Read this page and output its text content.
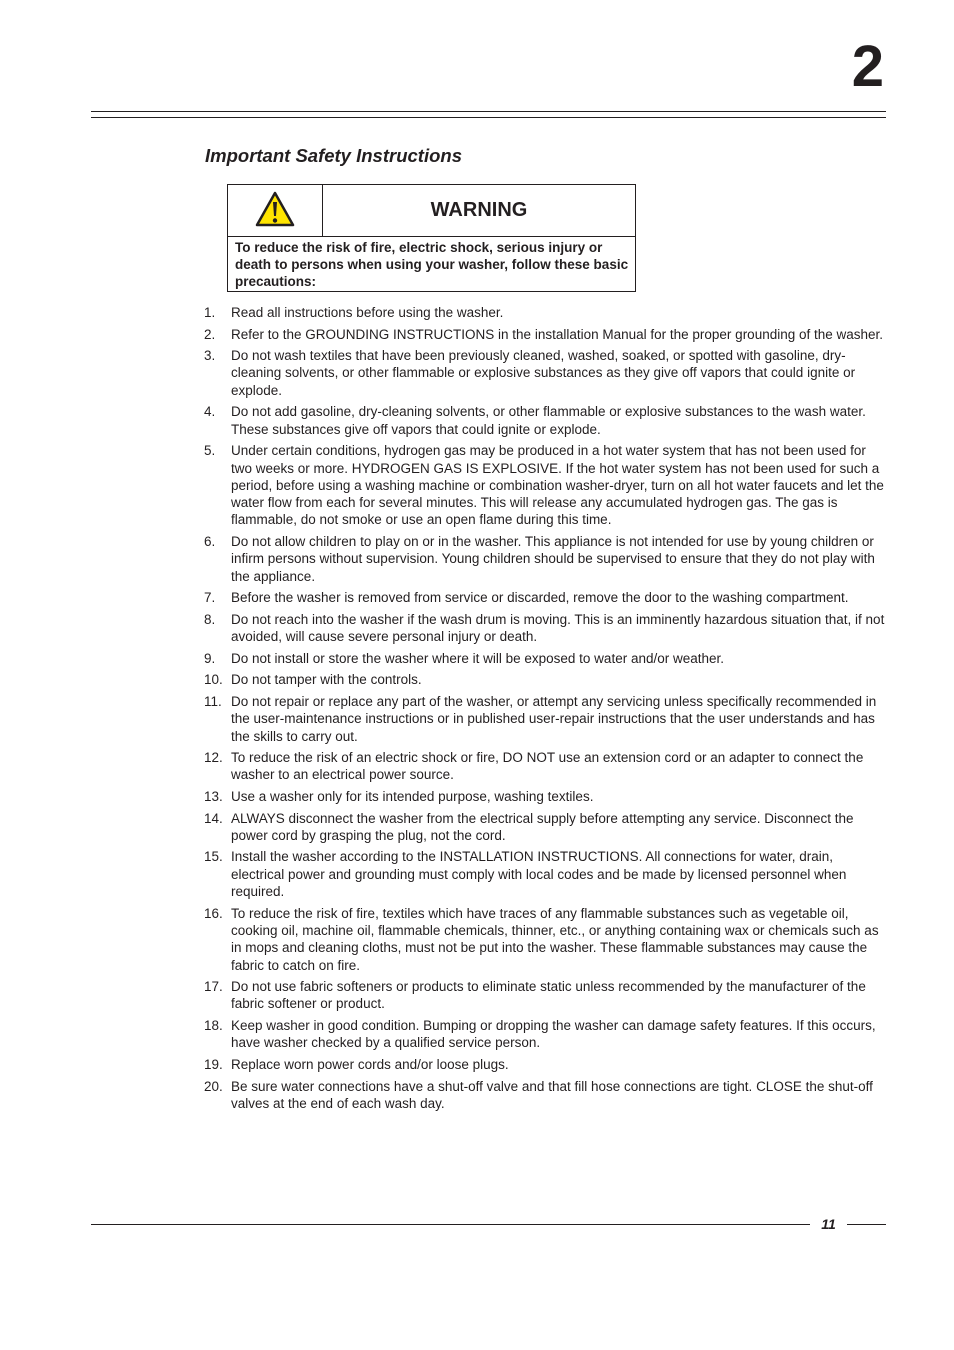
2
Important Safety Instructions
WARNING
To reduce the risk of fire, electric shock, serious injury or death to persons when using your washer, follow these basic precautions:
1. Read all instructions before using the washer.
2. Refer to the GROUNDING INSTRUCTIONS in the installation Manual for the proper grounding of the washer.
3. Do not wash textiles that have been previously cleaned, washed, soaked, or spotted with gasoline, dry-cleaning solvents, or other flammable or explosive substances as they give off vapors that could ignite or explode.
4. Do not add gasoline, dry-cleaning solvents, or other flammable or explosive substances to the wash water. These substances give off vapors that could ignite or explode.
5. Under certain conditions, hydrogen gas may be produced in a hot water system that has not been used for two weeks or more. HYDROGEN GAS IS EXPLOSIVE. If the hot water system has not been used for such a period, before using a washing machine or combination washer-dryer, turn on all hot water faucets and let the water flow from each for several minutes. This will release any accumulated hydrogen gas. The gas is flammable, do not smoke or use an open flame during this time.
6. Do not allow children to play on or in the washer. This appliance is not intended for use by young children or infirm persons without supervision. Young children should be supervised to ensure that they do not play with the appliance.
7. Before the washer is removed from service or discarded, remove the door to the washing compartment.
8. Do not reach into the washer if the wash drum is moving. This is an imminently hazardous situation that, if not avoided, will cause severe personal injury or death.
9. Do not install or store the washer where it will be exposed to water and/or weather.
10. Do not tamper with the controls.
11. Do not repair or replace any part of the washer, or attempt any servicing unless specifically recommended in the user-maintenance instructions or in published user-repair instructions that the user understands and has the skills to carry out.
12. To reduce the risk of an electric shock or fire, DO NOT use an extension cord or an adapter to connect the washer to an electrical power source.
13. Use a washer only for its intended purpose, washing textiles.
14. ALWAYS disconnect the washer from the electrical supply before attempting any service. Disconnect the power cord by grasping the plug, not the cord.
15. Install the washer according to the INSTALLATION INSTRUCTIONS. All connections for water, drain, electrical power and grounding must comply with local codes and be made by licensed personnel when required.
16. To reduce the risk of fire, textiles which have traces of any flammable substances such as vegetable oil, cooking oil, machine oil, flammable chemicals, thinner, etc., or anything containing wax or chemicals such as in mops and cleaning cloths, must not be put into the washer. These flammable substances may cause the fabric to catch on fire.
17. Do not use fabric softeners or products to eliminate static unless recommended by the manufacturer of the fabric softener or product.
18. Keep washer in good condition. Bumping or dropping the washer can damage safety features. If this occurs, have washer checked by a qualified service person.
19. Replace worn power cords and/or loose plugs.
20. Be sure water connections have a shut-off valve and that fill hose connections are tight. CLOSE the shut-off valves at the end of each wash day.
11
